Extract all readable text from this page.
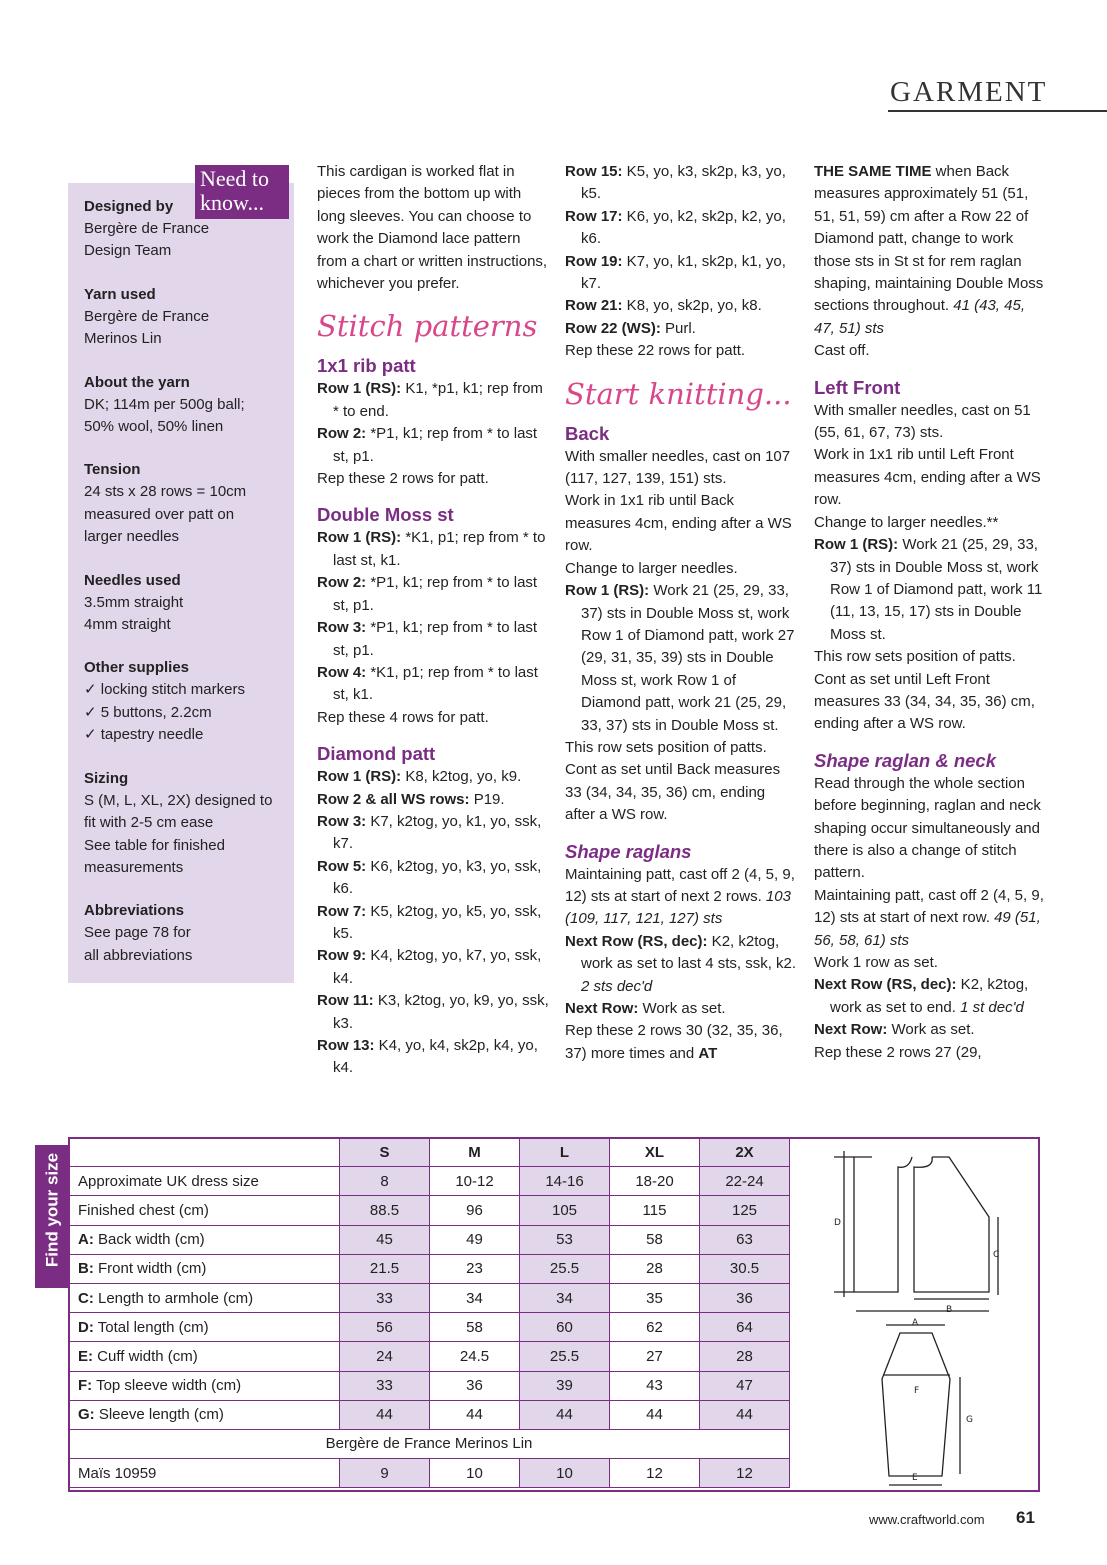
GARMENT
Need to know...
Designed by
Bergère de France
Design Team
Yarn used
Bergère de France
Merinos Lin
About the yarn
DK; 114m per 500g ball;
50% wool, 50% linen
Tension
24 sts x 28 rows = 10cm
measured over patt on
larger needles
Needles used
3.5mm straight
4mm straight
Other supplies
✓ locking stitch markers
✓ 5 buttons, 2.2cm
✓ tapestry needle
Sizing
S (M, L, XL, 2X) designed to
fit with 2-5 cm ease
See table for finished
measurements
Abbreviations
See page 78 for
all abbreviations

This cardigan is worked flat in pieces from the bottom up with long sleeves. You can choose to work the Diamond lace pattern from a chart or written instructions, whichever you prefer.

Stitch patterns

1x1 rib patt

Row 1 (RS): K1, *p1, k1; rep from * to end.

Row 2: *P1, k1; rep from * to last st, p1.

Rep these 2 rows for patt.

Double Moss st

Row 1 (RS): *K1, p1; rep from * to last st, k1.

Row 2: *P1, k1; rep from * to last st, p1.

Row 3: *P1, k1; rep from * to last st, p1.

Row 4: *K1, p1; rep from * to last st, k1.

Rep these 4 rows for patt.

Diamond patt

Row 1 (RS): K8, k2tog, yo, k9.

Row 2 & all WS rows: P19.

Row 3: K7, k2tog, yo, k1, yo, ssk, k7.

Row 5: K6, k2tog, yo, k3, yo, ssk, k6.

Row 7: K5, k2tog, yo, k5, yo, ssk, k5.

Row 9: K4, k2tog, yo, k7, yo, ssk, k4.

Row 11: K3, k2tog, yo, k9, yo, ssk, k3.

Row 13: K4, yo, k4, sk2p, k4, yo, k4.

Row 15: K5, yo, k3, sk2p, k3, yo, k5.

Row 17: K6, yo, k2, sk2p, k2, yo, k6.

Row 19: K7, yo, k1, sk2p, k1, yo, k7.

Row 21: K8, yo, sk2p, yo, k8.

Row 22 (WS): Purl.

Rep these 22 rows for patt.

Start knitting...

Back

With smaller needles, cast on 107 (117, 127, 139, 151) sts.

Work in 1x1 rib until Back measures 4cm, ending after a WS row.

Change to larger needles.

Row 1 (RS): Work 21 (25, 29, 33, 37) sts in Double Moss st, work Row 1 of Diamond patt, work 27 (29, 31, 35, 39) sts in Double Moss st, work Row 1 of Diamond patt, work 21 (25, 29, 33, 37) sts in Double Moss st.

This row sets position of patts.

Cont as set until Back measures 33 (34, 34, 35, 36) cm, ending after a WS row.

Shape raglans

Maintaining patt, cast off 2 (4, 5, 9, 12) sts at start of next 2 rows. 103 (109, 117, 121, 127) sts

Next Row (RS, dec): K2, k2tog, work as set to last 4 sts, ssk, k2. 2 sts dec'd

Next Row: Work as set.

Rep these 2 rows 30 (32, 35, 36, 37) more times and AT

THE SAME TIME when Back measures approximately 51 (51, 51, 51, 59) cm after a Row 22 of Diamond patt, change to work those sts in St st for rem raglan shaping, maintaining Double Moss sections throughout. 41 (43, 45, 47, 51) sts

Cast off.

Left Front

With smaller needles, cast on 51 (55, 61, 67, 73) sts.

Work in 1x1 rib until Left Front measures 4cm, ending after a WS row.

Change to larger needles.**

Row 1 (RS): Work 21 (25, 29, 33, 37) sts in Double Moss st, work Row 1 of Diamond patt, work 11 (11, 13, 15, 17) sts in Double Moss st.

This row sets position of patts.

Cont as set until Left Front measures 33 (34, 34, 35, 36) cm, ending after a WS row.

Shape raglan & neck

Read through the whole section before beginning, raglan and neck shaping occur simultaneously and there is also a change of stitch pattern.

Maintaining patt, cast off 2 (4, 5, 9, 12) sts at start of next row. 49 (51, 56, 58, 61) sts

Work 1 row as set.

Next Row (RS, dec): K2, k2tog, work as set to end. 1 st dec'd

Next Row: Work as set.

Rep these 2 rows 27 (29,

Find your size
	S	M	L	XL	2X
Approximate UK dress size	8	10-12	14-16	18-20	22-24
Finished chest (cm)	88.5	96	105	115	125
A: Back width (cm)	45	49	53	58	63
B: Front width (cm)	21.5	23	25.5	28	30.5
C: Length to armhole (cm)	33	34	34	35	36
D: Total length (cm)	56	58	60	62	64
E: Cuff width (cm)	24	24.5	25.5	27	28
F: Top sleeve width (cm)	33	36	39	43	47
G: Sleeve length (cm)	44	44	44	44	44
Bergère de France Merinos Lin					
Maïs 10959	9	10	10	12	12
D
C
B
A
F
G
E
www.craftworld.com 61
